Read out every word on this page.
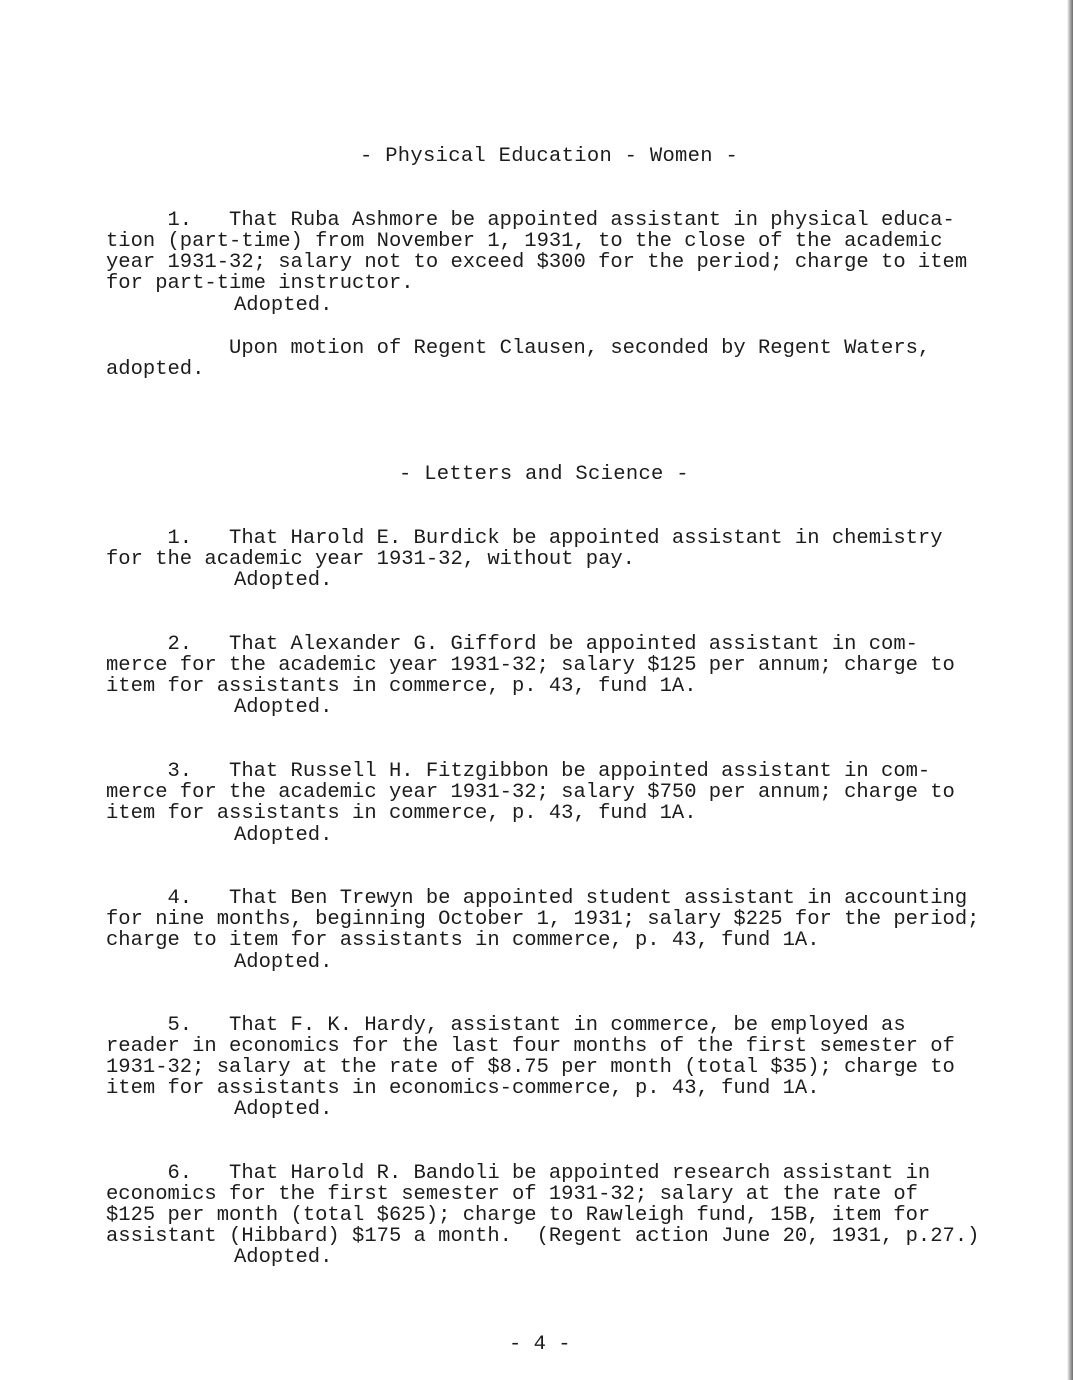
- Physical Education - Women -
1.   That Ruba Ashmore be appointed assistant in physical educa-
tion (part-time) from November 1, 1931, to the close of the academic
year 1931-32; salary not to exceed $300 for the period; charge to item
for part-time instructor.
Adopted.
Upon motion of Regent Clausen, seconded by Regent Waters,
adopted.
- Letters and Science -
1.   That Harold E. Burdick be appointed assistant in chemistry
for the academic year 1931-32, without pay.
Adopted.
2.   That Alexander G. Gifford be appointed assistant in com-
merce for the academic year 1931-32; salary $125 per annum; charge to
item for assistants in commerce, p. 43, fund 1A.
Adopted.
3.   That Russell H. Fitzgibbon be appointed assistant in com-
merce for the academic year 1931-32; salary $750 per annum; charge to
item for assistants in commerce, p. 43, fund 1A.
Adopted.
4.   That Ben Trewyn be appointed student assistant in accounting
for nine months, beginning October 1, 1931; salary $225 for the period;
charge to item for assistants in commerce, p. 43, fund 1A.
Adopted.
5.   That F. K. Hardy, assistant in commerce, be employed as
reader in economics for the last four months of the first semester of
1931-32; salary at the rate of $8.75 per month (total $35); charge to
item for assistants in economics-commerce, p. 43, fund 1A.
Adopted.
6.   That Harold R. Bandoli be appointed research assistant in
economics for the first semester of 1931-32; salary at the rate of
$125 per month (total $625); charge to Rawleigh fund, 15B, item for
assistant (Hibbard) $175 a month.  (Regent action June 20, 1931, p.27.)
Adopted.
- 4 -
